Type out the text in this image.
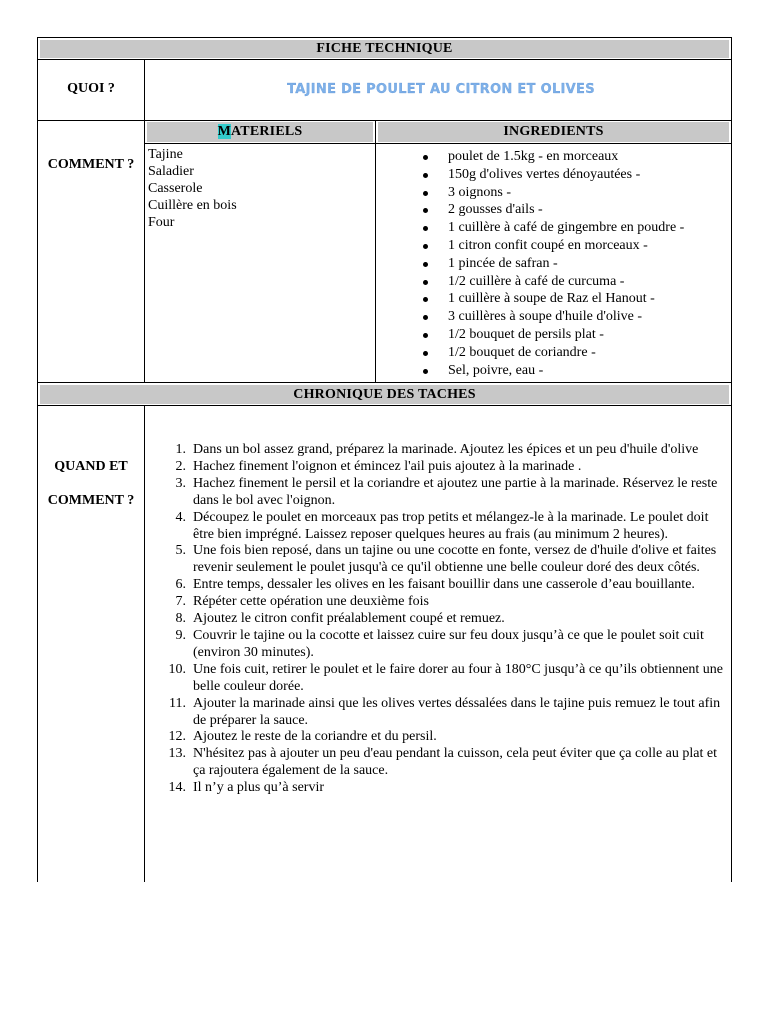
FICHE TECHNIQUE
QUOI ?	TAJINE DE POULET AU CITRON ET OLIVES
MATERIELS	INGREDIENTS
COMMENT ?
Tajine
Saladier
Casserole
Cuillère en bois
Four
poulet de 1.5kg - en morceaux
150g d'olives vertes dénoyautées -
3 oignons -
2 gousses d'ails -
1 cuillère à café de gingembre en poudre -
1 citron confit coupé en morceaux -
1 pincée de safran -
1/2 cuillère à café de curcuma -
1 cuillère à soupe de Raz el Hanout -
3 cuillères à soupe d'huile d'olive -
1/2 bouquet de persils plat -
1/2 bouquet de coriandre -
Sel, poivre, eau -
CHRONIQUE DES TACHES
QUAND ET
COMMENT ?
1. Dans un bol assez grand, préparez la marinade. Ajoutez les épices et un peu d'huile d'olive
2. Hachez finement l'oignon et émincez l'ail puis ajoutez à la marinade .
3. Hachez finement le persil et la coriandre et ajoutez une partie à la marinade. Réservez le reste dans le bol avec l'oignon.
4. Découpez le poulet en morceaux pas trop petits et mélangez-le à la marinade. Le poulet doit être bien imprégné. Laissez reposer quelques heures au frais (au minimum 2 heures).
5. Une fois bien reposé, dans un tajine ou une cocotte en fonte, versez de d'huile d'olive et faites revenir seulement le poulet jusqu'à ce qu'il obtienne une belle couleur doré des deux côtés.
6. Entre temps, dessaler les olives en les faisant bouillir dans une casserole d’eau bouillante.
7. Répéter cette opération une deuxième fois
8. Ajoutez le citron confit préalablement coupé et remuez.
9. Couvrir le tajine ou la cocotte et laissez cuire sur feu doux jusqu’à ce que le poulet soit cuit (environ 30 minutes).
10. Une fois cuit, retirer le poulet et le faire dorer au four à 180°C jusqu’à ce qu’ils obtiennent une belle couleur dorée.
11. Ajouter la marinade ainsi que les olives vertes déssalées dans le tajine puis remuez le tout afin de préparer la sauce.
12. Ajoutez le reste de la coriandre et du persil.
13. N'hésitez pas à ajouter un peu d'eau pendant la cuisson, cela peut éviter que ça colle au plat et ça rajoutera également de la sauce.
14. Il n’y a plus qu’à servir
